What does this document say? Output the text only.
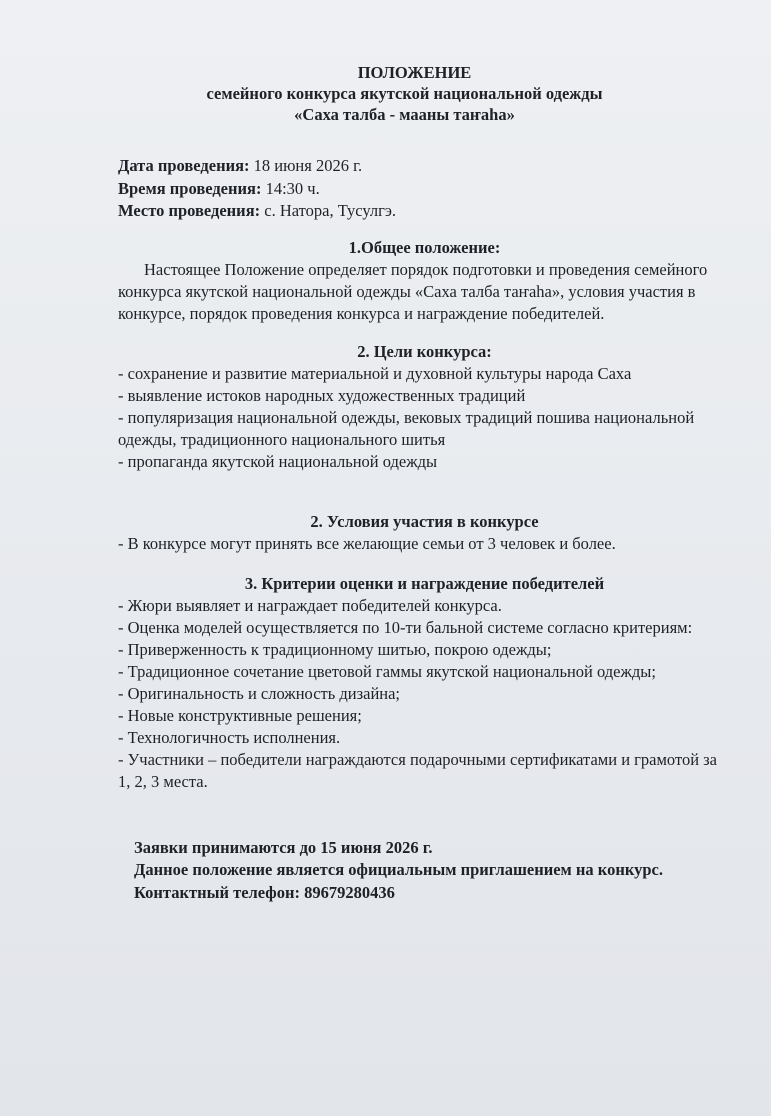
ПОЛОЖЕНИЕ
семейного конкурса якутской национальной одежды
«Саха талба - мааны таҥаһа»
Дата проведения: 18 июня 2026 г.
Время проведения: 14:30 ч.
Место проведения: с. Натора, Тусулгэ.
1.Общее положение:
Настоящее Положение определяет порядок подготовки и проведения семейного конкурса якутской национальной одежды «Саха талба таҥаһа», условия участия в конкурсе, порядок проведения конкурса и награждение победителей.
2. Цели конкурса:
- сохранение и развитие материальной и духовной культуры народа Саха
- выявление истоков народных художественных традиций
- популяризация национальной одежды, вековых традиций пошива национальной одежды, традиционного национального шитья
- пропаганда якутской национальной одежды
2. Условия участия в конкурсе
- В конкурсе могут принять все желающие семьи от 3 человек и более.
3. Критерии оценки и награждение победителей
- Жюри выявляет и награждает победителей конкурса.
- Оценка моделей осуществляется по 10-ти бальной системе согласно критериям:
- Приверженность к традиционному шитью, покрою одежды;
- Традиционное сочетание цветовой гаммы якутской национальной одежды;
- Оригинальность и сложность дизайна;
- Новые конструктивные решения;
- Технологичность исполнения.
- Участники – победители награждаются подарочными сертификатами и грамотой за 1, 2, 3 места.
Заявки принимаются до 15 июня 2026 г.
Данное положение является официальным приглашением на конкурс.
Контактный телефон: 89679280436
